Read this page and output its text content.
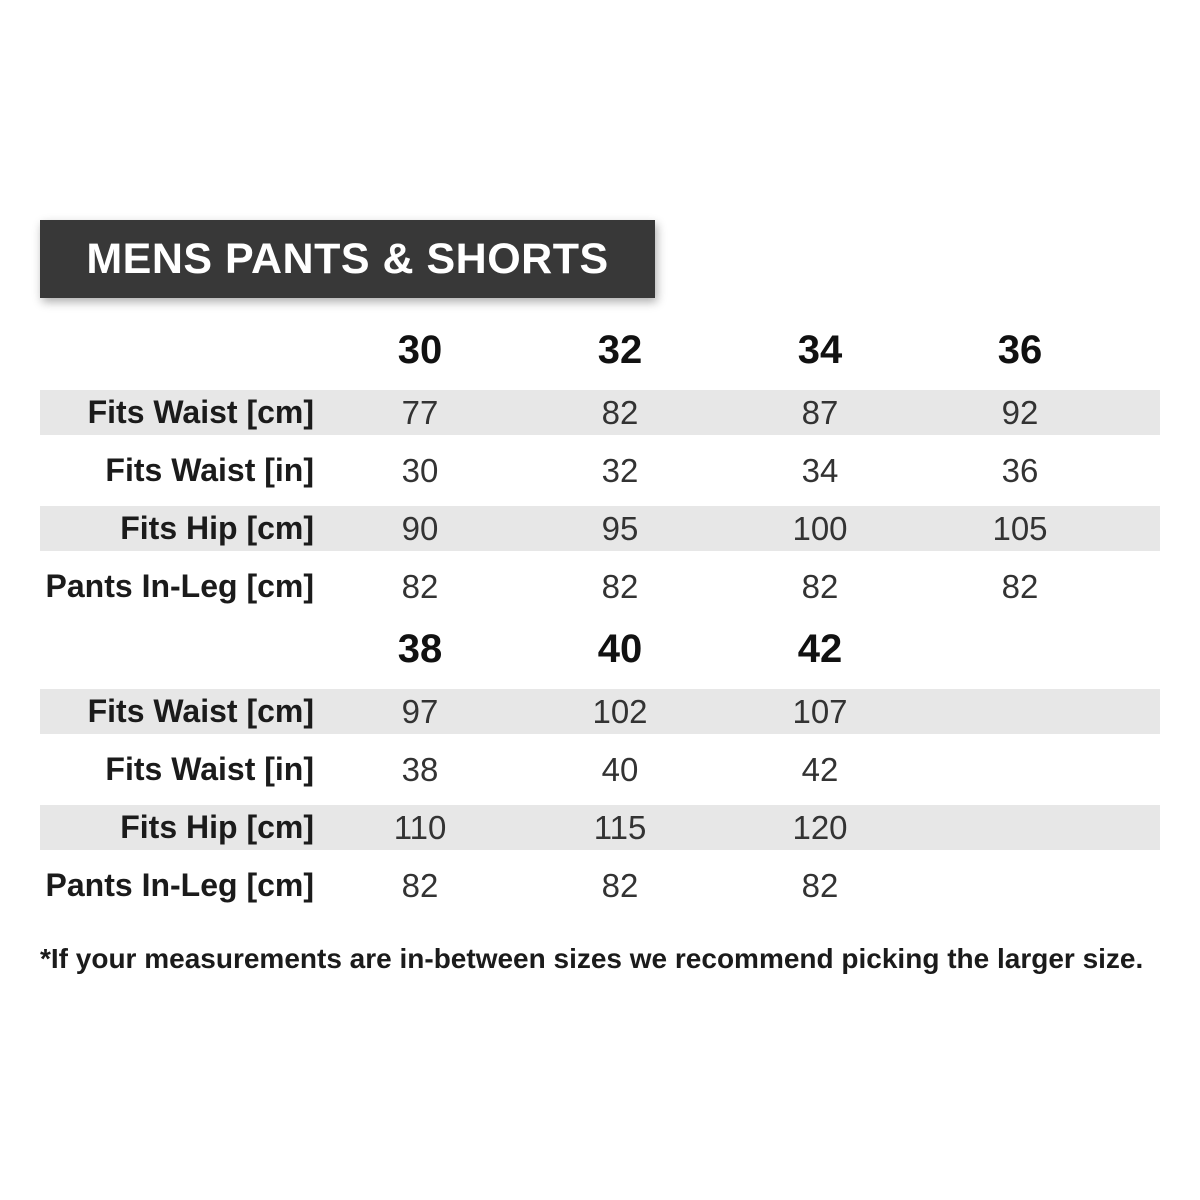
MENS PANTS & SHORTS
	30	32	34	36
Fits Waist [cm]	77	82	87	92
Fits Waist [in]	30	32	34	36
Fits Hip [cm]	90	95	100	105
Pants In-Leg [cm]	82	82	82	82
	38	40	42	
Fits Waist [cm]	97	102	107	
Fits Waist [in]	38	40	42	
Fits Hip [cm]	110	115	120	
Pants In-Leg [cm]	82	82	82	
*If your measurements are in-between sizes we recommend picking the larger size.
